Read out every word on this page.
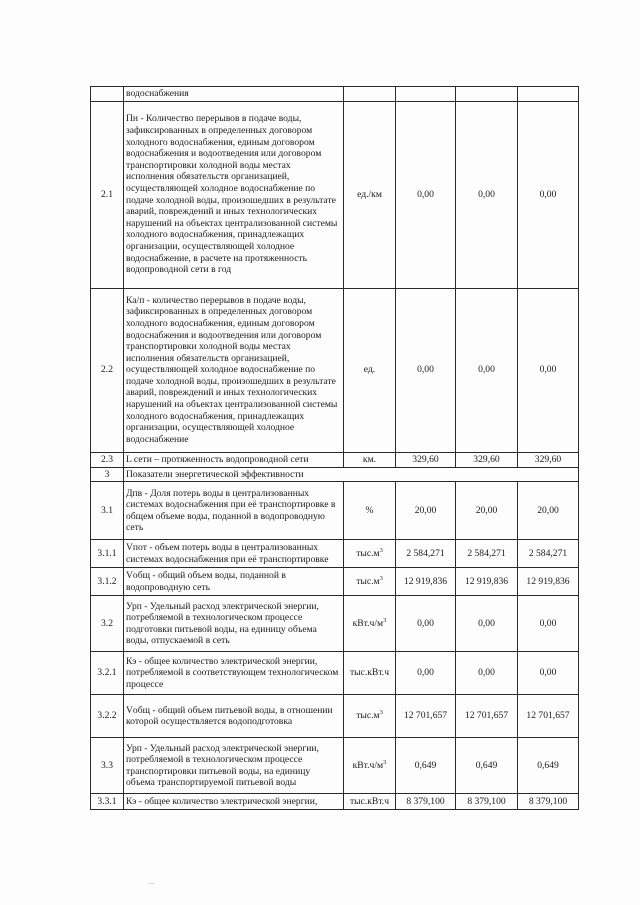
	водоснабжения				
2.1	Пн - Количество перерывов в подаче воды, зафиксированных в определенных договором холодного водоснабжения, единым договором водоснабжения и водоотведения или договором транспортировки холодной воды местах исполнения обязательств организацией, осуществляющей холодное водоснабжение по подаче холодной воды, произошедших в результате аварий, повреждений и иных технологических нарушений на объектах централизованной системы холодного водоснабжения, принадлежащих организации, осуществляющей холодное водоснабжение, в расчете на протяженность водопроводной сети в год	ед./км	0,00	0,00	0,00
2.2	Ка/п - количество перерывов в подаче воды, зафиксированных в определенных договором холодного водоснабжения, единым договором водоснабжения и водоотведения или договором транспортировки холодной воды местах исполнения обязательств организацией, осуществляющей холодное водоснабжение по подаче холодной воды, произошедших в результате аварий, повреждений и иных технологических нарушений на объектах централизованной системы холодного водоснабжения, принадлежащих организации, осуществляющей холодное водоснабжение	ед.	0,00	0,00	0,00
2.3	L сети – протяженность водопроводной сети	км.	329,60	329,60	329,60
3	Показатели энергетической эффективности				
3.1	Дпв - Доля потерь воды в централизованных системах водоснабжения при её транспортировке в общем объеме воды, поданной в водопроводную сеть	%	20,00	20,00	20,00
3.1.1	Vпот - объем потерь воды в централизованных системах водоснабжения при её транспортировке	$тыс.м^3$	2 584,271	2 584,271	2 584,271
3.1.2	Vобщ - общий объем воды, поданной в водопроводную сеть	$тыс.м^3$	12 919,836	12 919,836	12 919,836
3.2	Урп - Удельный расход электрической энергии, потребляемой в технологическом процессе подготовки питьевой воды, на единицу объема воды, отпускаемой в сеть	$кВт.ч/м^3$	0,00	0,00	0,00
3.2.1	Кэ - общее количество электрической энергии, потребляемой в соответствующем технологическом процессе	тыс.кВт.ч	0,00	0,00	0,00
3.2.2	Vобщ - общий объем питьевой воды, в отношении которой осуществляется водоподготовка	$тыс.м^3$	12 701,657	12 701,657	12 701,657
3.3	Урп - Удельный расход электрической энергии, потребляемой в технологическом процессе транспортировки питьевой воды, на единицу объема транспортируемой питьевой воды	$кВт.ч/м^3$	0,649	0,649	0,649
3.3.1	Кэ - общее количество электрической энергии,	тыс.кВт.ч	8 379,100	8 379,100	8 379,100
...
